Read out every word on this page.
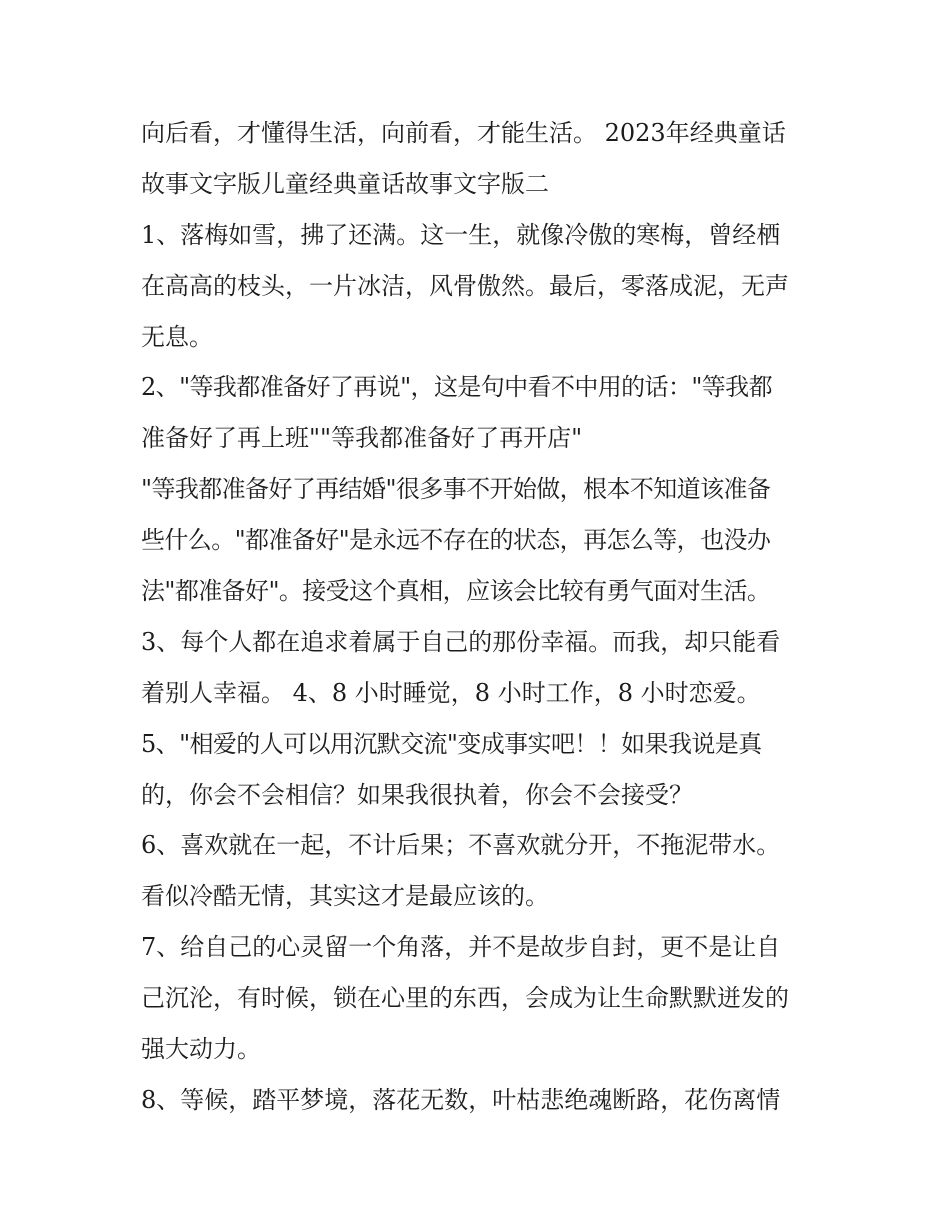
向后看，才懂得生活，向前看，才能生活。 2023年经典童话
故事文字版儿童经典童话故事文字版二
1、落梅如雪，拂了还满。这一生，就像冷傲的寒梅，曾经栖
在高高的枝头，一片冰洁，风骨傲然。最后，零落成泥，无声
无息。
2、"等我都准备好了再说"，这是句中看不中用的话："等我都
准备好了再上班""等我都准备好了再开店"
"等我都准备好了再结婚"很多事不开始做，根本不知道该准备
些什么。"都准备好"是永远不存在的状态，再怎么等，也没办
法"都准备好"。接受这个真相，应该会比较有勇气面对生活。
3、每个人都在追求着属于自己的那份幸福。而我，却只能看
着别人幸福。 4、8 小时睡觉，8 小时工作，8 小时恋爱。
5、"相爱的人可以用沉默交流"变成事实吧！！如果我说是真
的，你会不会相信？如果我很执着，你会不会接受？
6、喜欢就在一起，不计后果；不喜欢就分开，不拖泥带水。
看似冷酷无情，其实这才是最应该的。
7、给自己的心灵留一个角落，并不是故步自封，更不是让自
己沉沦，有时候，锁在心里的东西，会成为让生命默默迸发的
强大动力。
8、等候，踏平梦境，落花无数，叶枯悲绝魂断路，花伤离情
